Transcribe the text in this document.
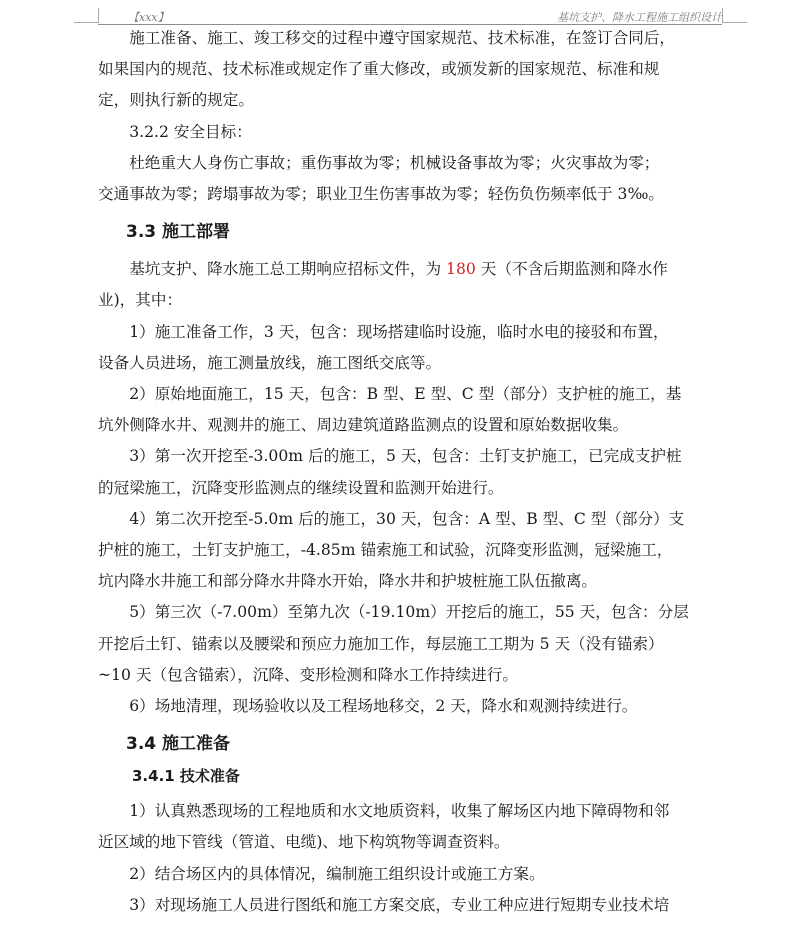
【xxx】	基坑支护、降水工程施工组织设计
施工准备、施工、竣工移交的过程中遵守国家规范、技术标准，在签订合同后，
如果国内的规范、技术标准或规定作了重大修改，或颁发新的国家规范、标准和规
定，则执行新的规定。
3.2.2 安全目标：
杜绝重大人身伤亡事故；重伤事故为零；机械设备事故为零；火灾事故为零；
交通事故为零；跨塌事故为零；职业卫生伤害事故为零；轻伤负伤频率低于 3‰。
3.3 施工部署
基坑支护、降水施工总工期响应招标文件，为 180 天（不含后期监测和降水作
业)，其中：
1）施工准备工作，3 天，包含：现场搭建临时设施，临时水电的接驳和布置，
设备人员进场，施工测量放线，施工图纸交底等。
2）原始地面施工，15 天，包含：B 型、E 型、C 型（部分）支护桩的施工，基
坑外侧降水井、观测井的施工、周边建筑道路监测点的设置和原始数据收集。
3）第一次开挖至-3.00m 后的施工，5 天，包含：土钉支护施工，已完成支护桩
的冠梁施工，沉降变形监测点的继续设置和监测开始进行。
4）第二次开挖至-5.0m 后的施工，30 天，包含：A 型、B 型、C 型（部分）支
护桩的施工，土钉支护施工，-4.85m 锚索施工和试验，沉降变形监测，冠梁施工，
坑内降水井施工和部分降水井降水开始，降水井和护坡桩施工队伍撤离。
5）第三次（-7.00m）至第九次（-19.10m）开挖后的施工，55 天，包含：分层
开挖后土钉、锚索以及腰梁和预应力施加工作，每层施工工期为 5 天（没有锚索）
~10 天（包含锚索），沉降、变形检测和降水工作持续进行。
6）场地清理，现场验收以及工程场地移交，2 天，降水和观测持续进行。
3.4 施工准备
3.4.1 技术准备
1）认真熟悉现场的工程地质和水文地质资料，收集了解场区内地下障碍物和邻
近区域的地下管线（管道、电缆)、地下构筑物等调查资料。
2）结合场区内的具体情况，编制施工组织设计或施工方案。
3）对现场施工人员进行图纸和施工方案交底，专业工种应进行短期专业技术培
